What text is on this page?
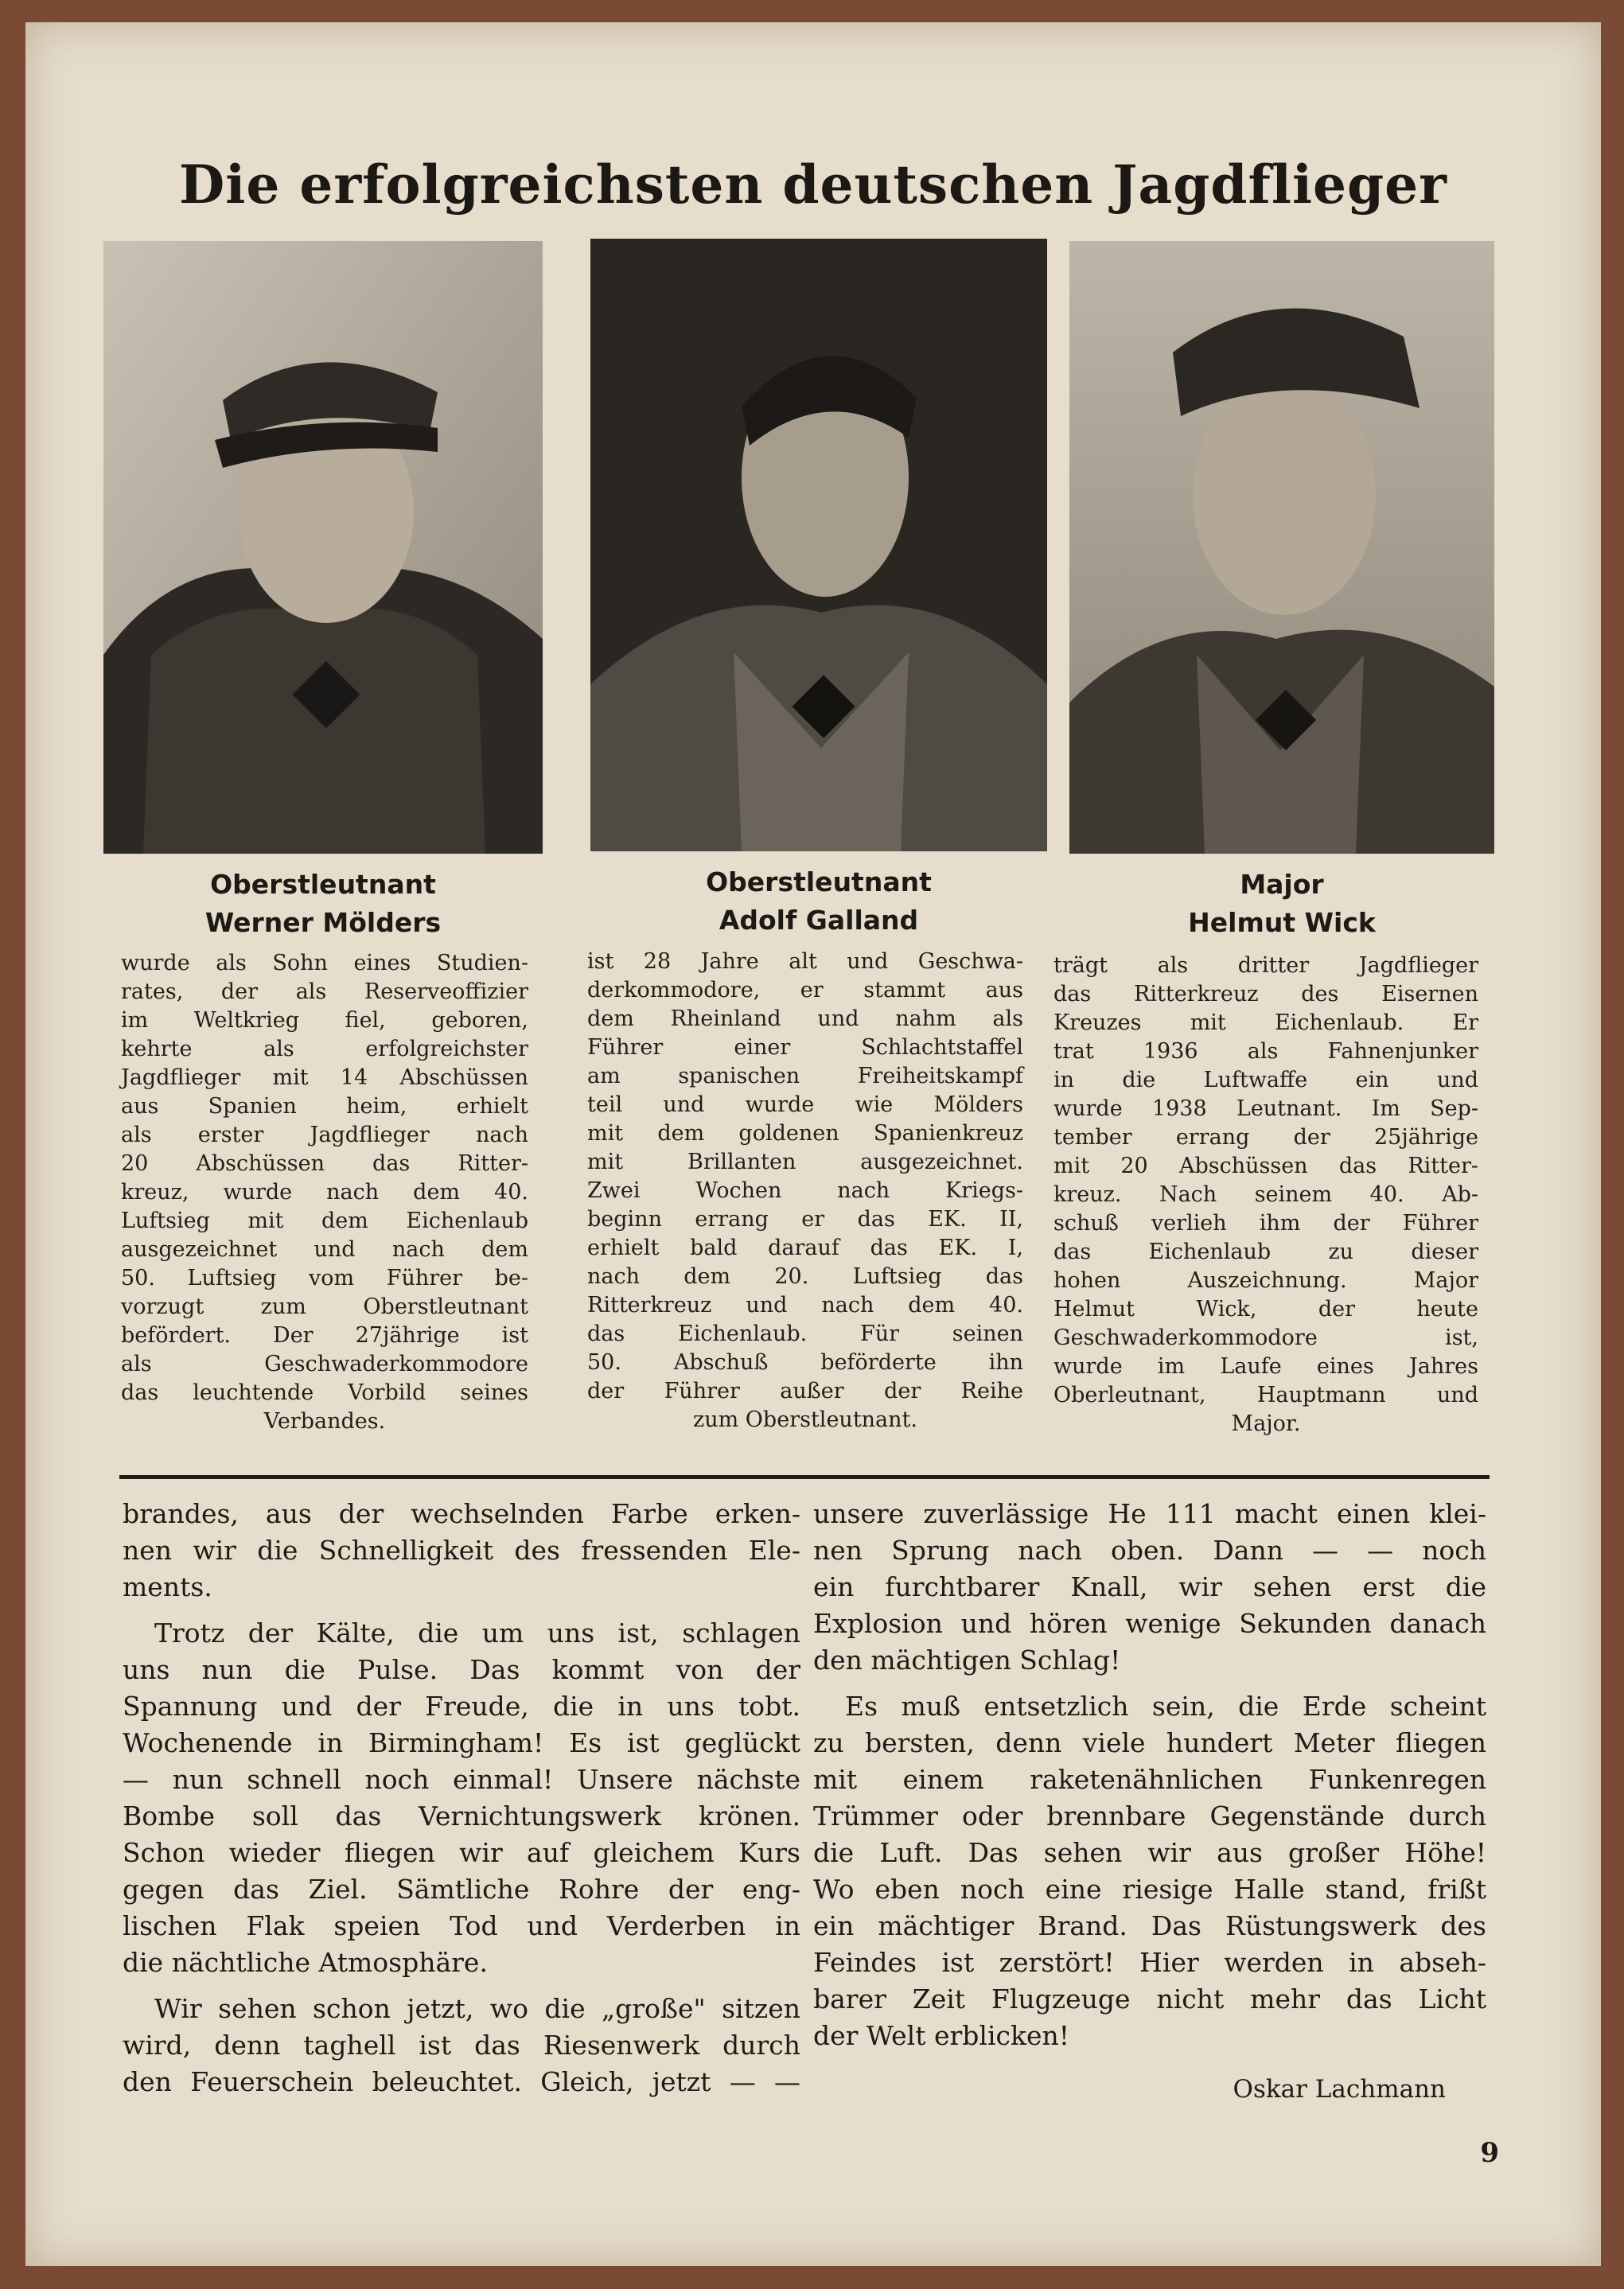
Die erfolgreichsten deutschen Jagdflieger
Oberstleutnant
Werner Mölders
Oberstleutnant
Adolf Galland
Major
Helmut Wick
wurde als Sohn eines Studien-
rates, der als Reserveoffizier
im Weltkrieg fiel, geboren,
kehrte als erfolgreichster
Jagdflieger mit 14 Abschüssen
aus Spanien heim, erhielt
als erster Jagdflieger nach
20 Abschüssen das Ritter-
kreuz, wurde nach dem 40.
Luftsieg mit dem Eichenlaub
ausgezeichnet und nach dem
50. Luftsieg vom Führer be-
vorzugt zum Oberstleutnant
befördert. Der 27jährige ist
als Geschwaderkommodore
das leuchtende Vorbild seines
Verbandes.
ist 28 Jahre alt und Geschwa-
derkommodore, er stammt aus
dem Rheinland und nahm als
Führer einer Schlachtstaffel
am spanischen Freiheitskampf
teil und wurde wie Mölders
mit dem goldenen Spanienkreuz
mit Brillanten ausgezeichnet.
Zwei Wochen nach Kriegs-
beginn errang er das EK. II,
erhielt bald darauf das EK. I,
nach dem 20. Luftsieg das
Ritterkreuz und nach dem 40.
das Eichenlaub. Für seinen
50. Abschuß beförderte ihn
der Führer außer der Reihe
zum Oberstleutnant.
trägt als dritter Jagdflieger
das Ritterkreuz des Eisernen
Kreuzes mit Eichenlaub. Er
trat 1936 als Fahnenjunker
in die Luftwaffe ein und
wurde 1938 Leutnant. Im Sep-
tember errang der 25jährige
mit 20 Abschüssen das Ritter-
kreuz. Nach seinem 40. Ab-
schuß verlieh ihm der Führer
das Eichenlaub zu dieser
hohen Auszeichnung. Major
Helmut Wick, der heute
Geschwaderkommodore ist,
wurde im Laufe eines Jahres
Oberleutnant, Hauptmann und
Major.

brandes, aus der wechselnden Farbe erken-
nen wir die Schnelligkeit des fressenden Ele-
ments.

Trotz der Kälte, die um uns ist, schlagen
uns nun die Pulse. Das kommt von der
Spannung und der Freude, die in uns tobt.
Wochenende in Birmingham! Es ist geglückt
— nun schnell noch einmal! Unsere nächste
Bombe soll das Vernichtungswerk krönen.
Schon wieder fliegen wir auf gleichem Kurs
gegen das Ziel. Sämtliche Rohre der eng-
lischen Flak speien Tod und Verderben in
die nächtliche Atmosphäre.

Wir sehen schon jetzt, wo die „große" sitzen
wird, denn taghell ist das Riesenwerk durch
den Feuerschein beleuchtet. Gleich, jetzt — —

unsere zuverlässige He 111 macht einen klei-
nen Sprung nach oben. Dann — — noch
ein furchtbarer Knall, wir sehen erst die
Explosion und hören wenige Sekunden danach
den mächtigen Schlag!

Es muß entsetzlich sein, die Erde scheint
zu bersten, denn viele hundert Meter fliegen
mit einem raketenähnlichen Funkenregen
Trümmer oder brennbare Gegenstände durch
die Luft. Das sehen wir aus großer Höhe!
Wo eben noch eine riesige Halle stand, frißt
ein mächtiger Brand. Das Rüstungswerk des
Feindes ist zerstört! Hier werden in abseh-
barer Zeit Flugzeuge nicht mehr das Licht
der Welt erblicken!

Oskar Lachmann
9
